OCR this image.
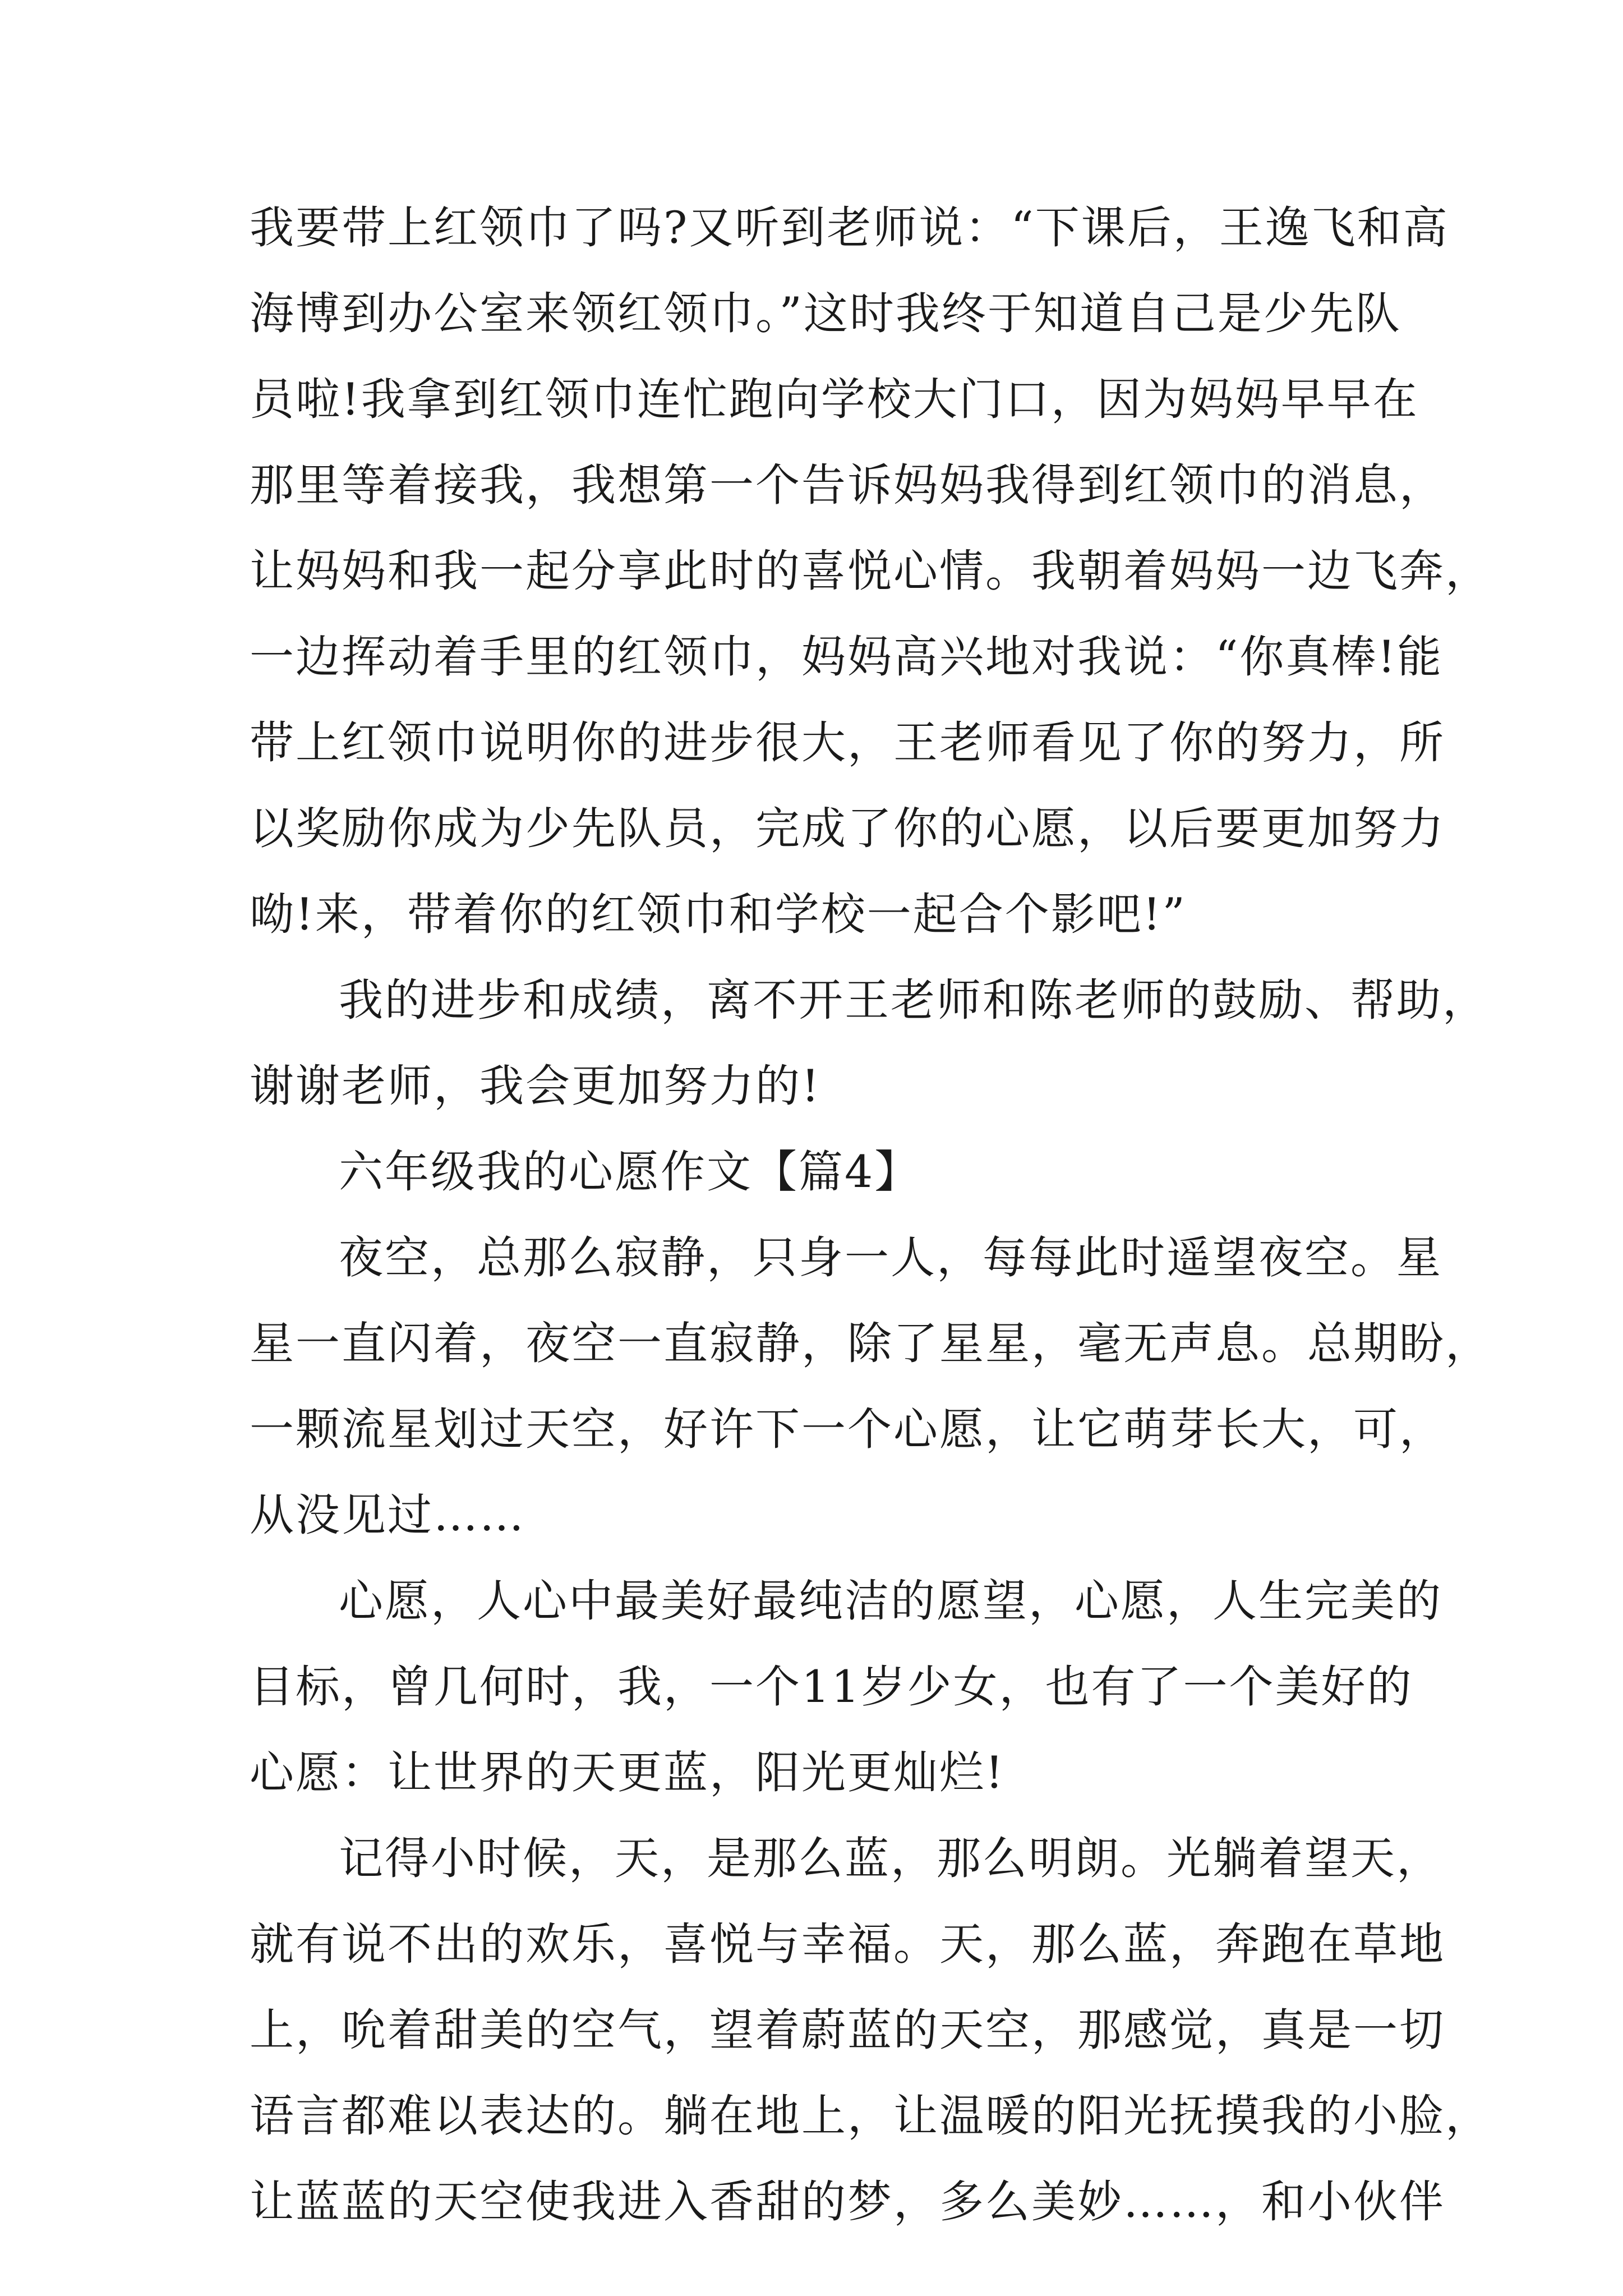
我要带上红领巾了吗?又听到老师说：“下课后，王逸飞和高
海博到办公室来领红领巾。”这时我终于知道自己是少先队
员啦!我拿到红领巾连忙跑向学校大门口，因为妈妈早早在
那里等着接我，我想第一个告诉妈妈我得到红领巾的消息，
让妈妈和我一起分享此时的喜悦心情。我朝着妈妈一边飞奔，
一边挥动着手里的红领巾，妈妈高兴地对我说：“你真棒!能
带上红领巾说明你的进步很大，王老师看见了你的努力，所
以奖励你成为少先队员，完成了你的心愿，以后要更加努力
呦!来，带着你的红领巾和学校一起合个影吧!”
我的进步和成绩，离不开王老师和陈老师的鼓励、帮助，
谢谢老师，我会更加努力的!
六年级我的心愿作文【篇4】
夜空，总那么寂静，只身一人，每每此时遥望夜空。星
星一直闪着，夜空一直寂静，除了星星，毫无声息。总期盼，
一颗流星划过天空，好许下一个心愿，让它萌芽长大，可，
从没见过……
心愿，人心中最美好最纯洁的愿望，心愿，人生完美的
目标，曾几何时，我，一个11岁少女，也有了一个美好的
心愿：让世界的天更蓝，阳光更灿烂!
记得小时候，天，是那么蓝，那么明朗。光躺着望天，
就有说不出的欢乐，喜悦与幸福。天，那么蓝，奔跑在草地
上，吮着甜美的空气，望着蔚蓝的天空，那感觉，真是一切
语言都难以表达的。躺在地上，让温暖的阳光抚摸我的小脸，
让蓝蓝的天空使我进入香甜的梦，多么美妙……，和小伙伴
